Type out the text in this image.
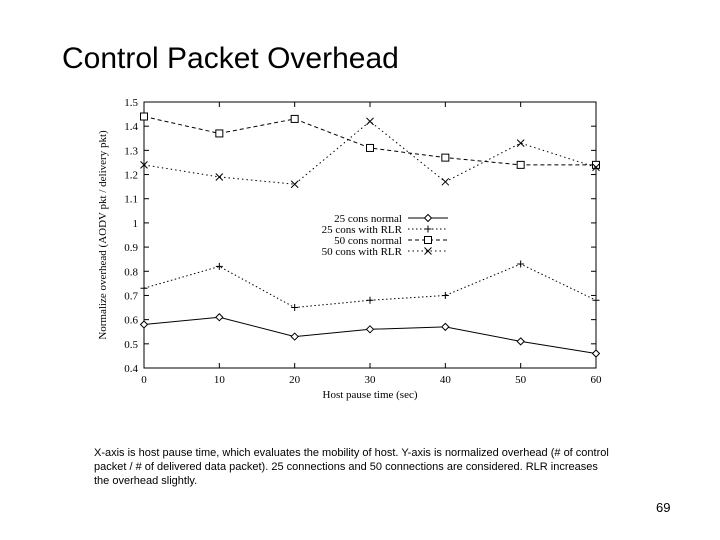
Control Packet Overhead
0.4
0.5
0.6
0.7
0.8
0.9
1
1.1
1.2
1.3
1.4
1.5
0	10	20	30	40	50	60
25 cons normal
25 cons with RLR
50 cons normal
50 cons with RLR
Host pause time (sec)
Normalize overhead (AODV pkt / delivery pkt)
X-axis is host pause time, which evaluates the mobility of host. Y-axis is normalized overhead (# of control packet / # of delivered data packet). 25 connections and 50 connections are considered. RLR increases the overhead slightly.
69
